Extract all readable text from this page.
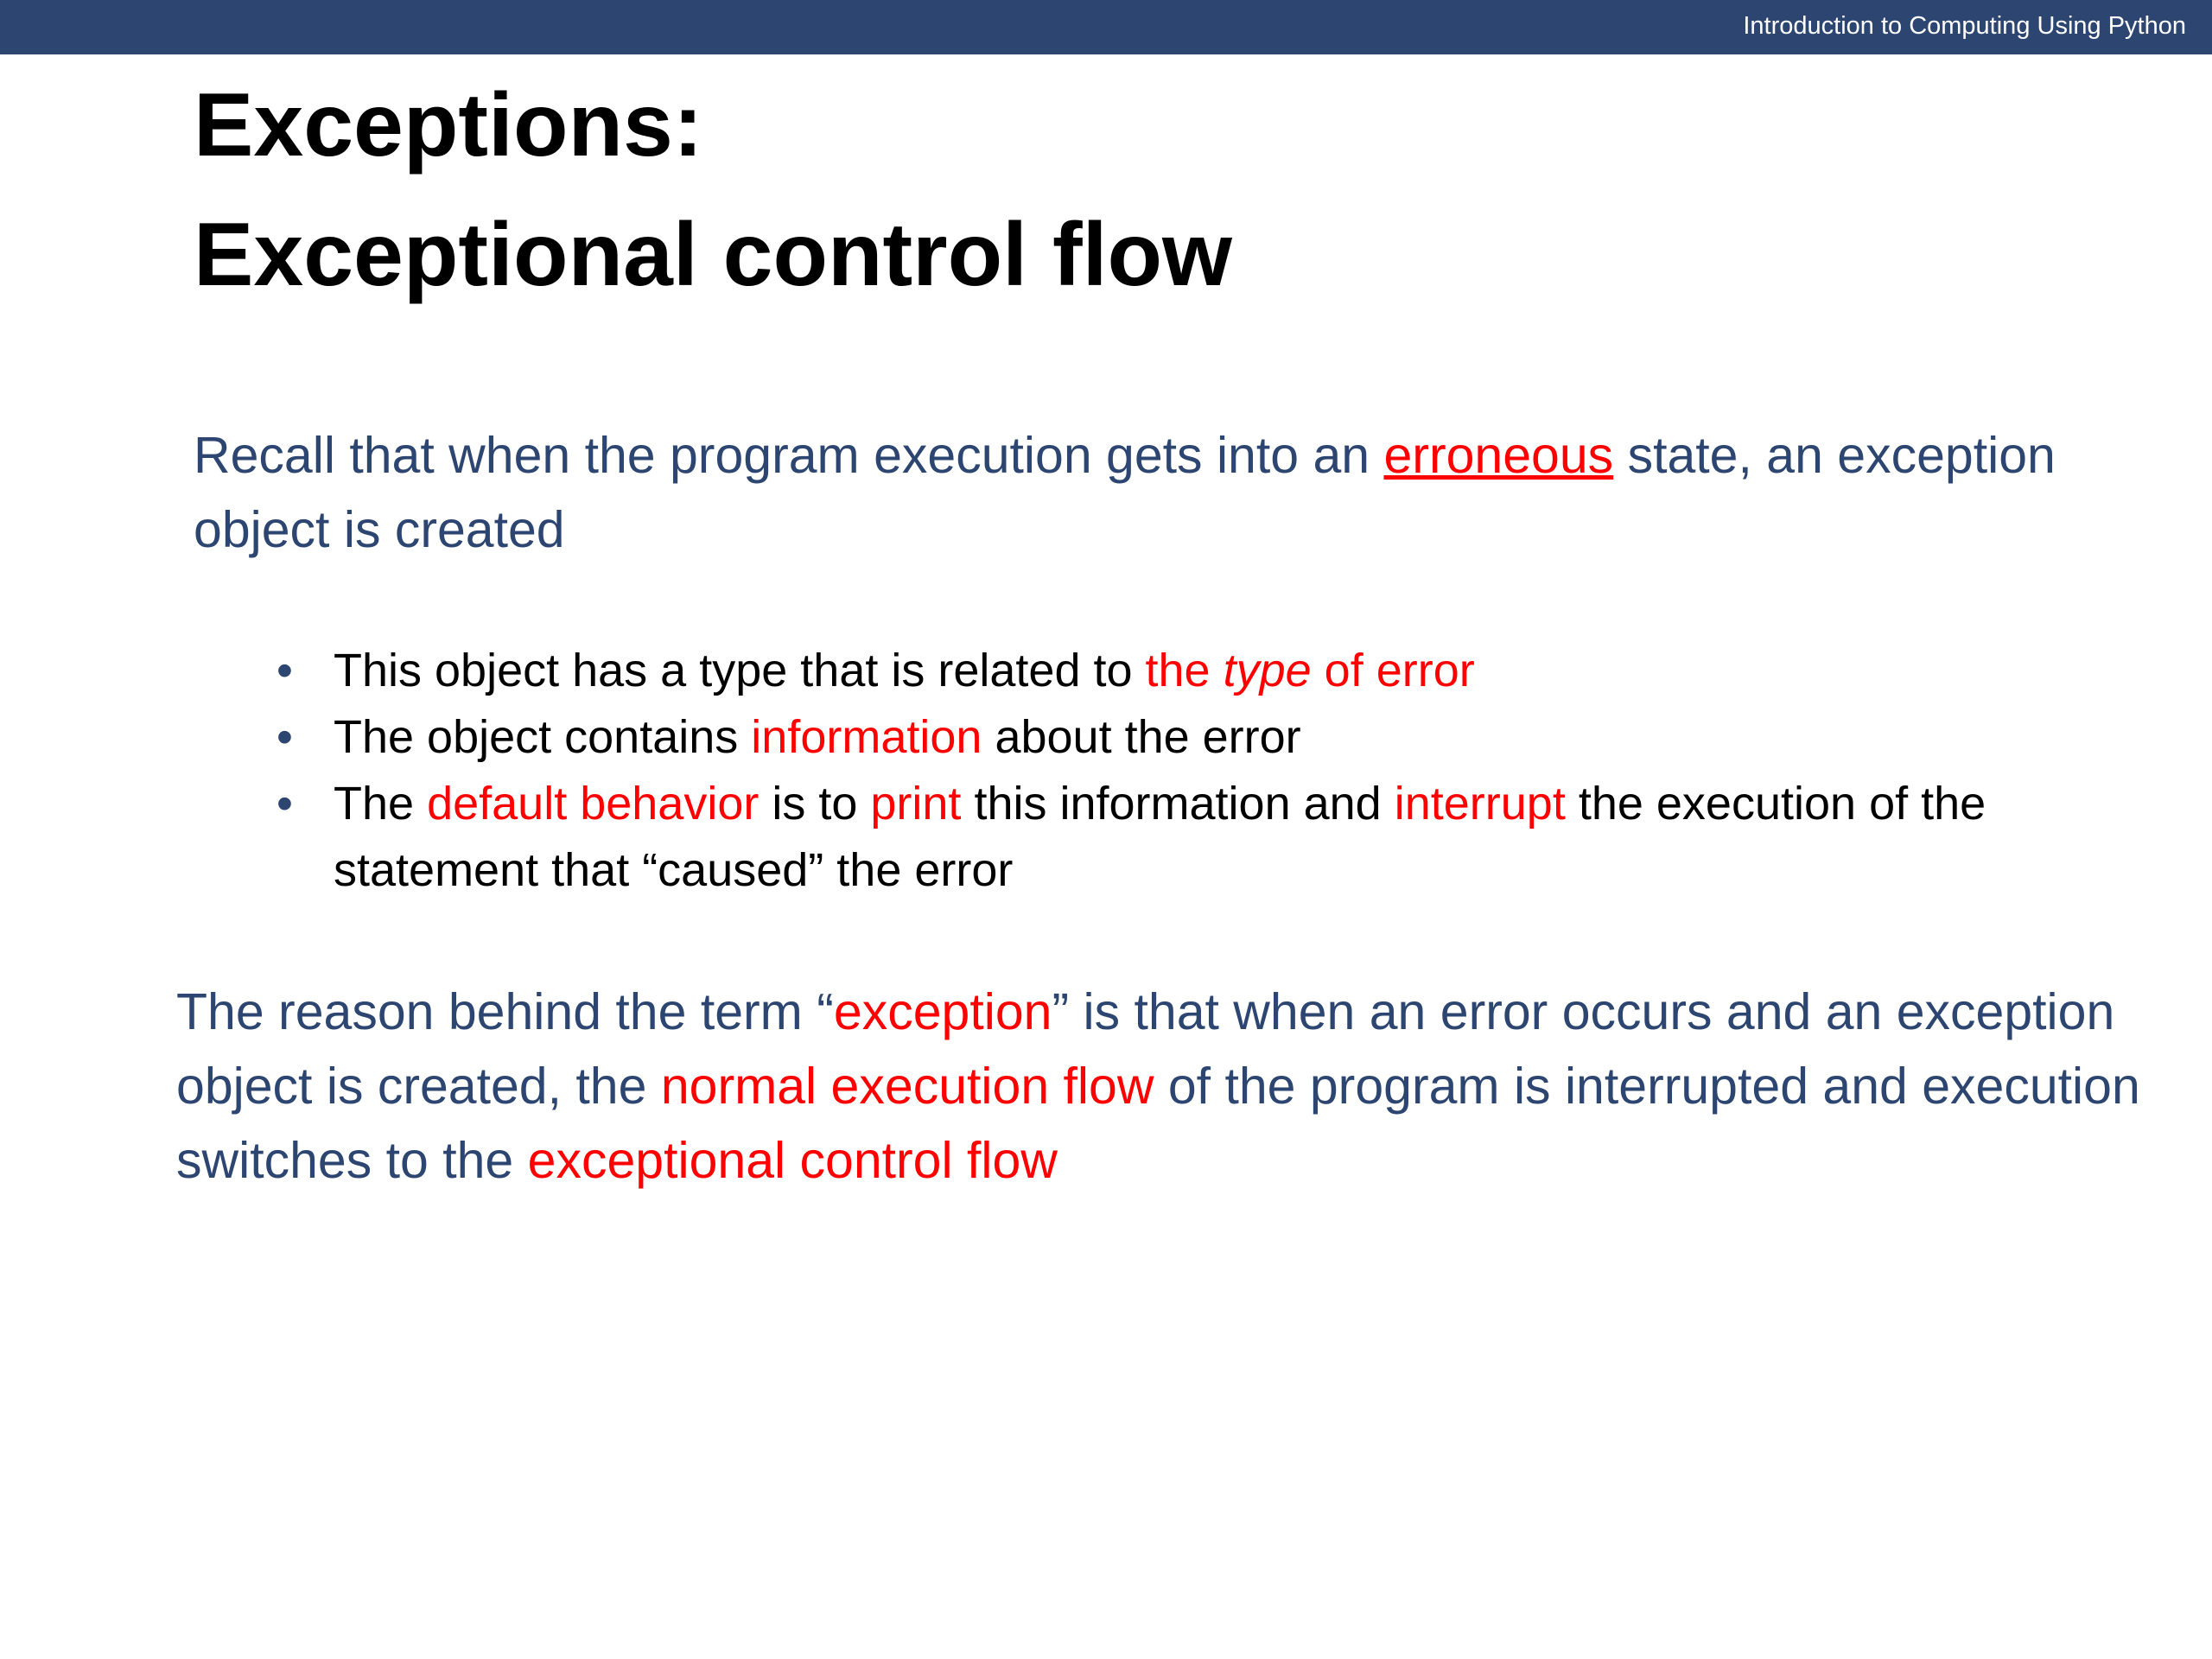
Introduction to Computing Using Python
Exceptions:
Exceptional control flow

Recall that when the program execution gets into an erroneous state, an exception object is created

• This object has a type that is related to the type of error
• The object contains information about the error
• The default behavior is to print this information and interrupt the execution of the statement that “caused” the error

The reason behind the term “exception” is that when an error occurs and an exception object is created, the normal execution flow of the program is interrupted and execution switches to the exceptional control flow
